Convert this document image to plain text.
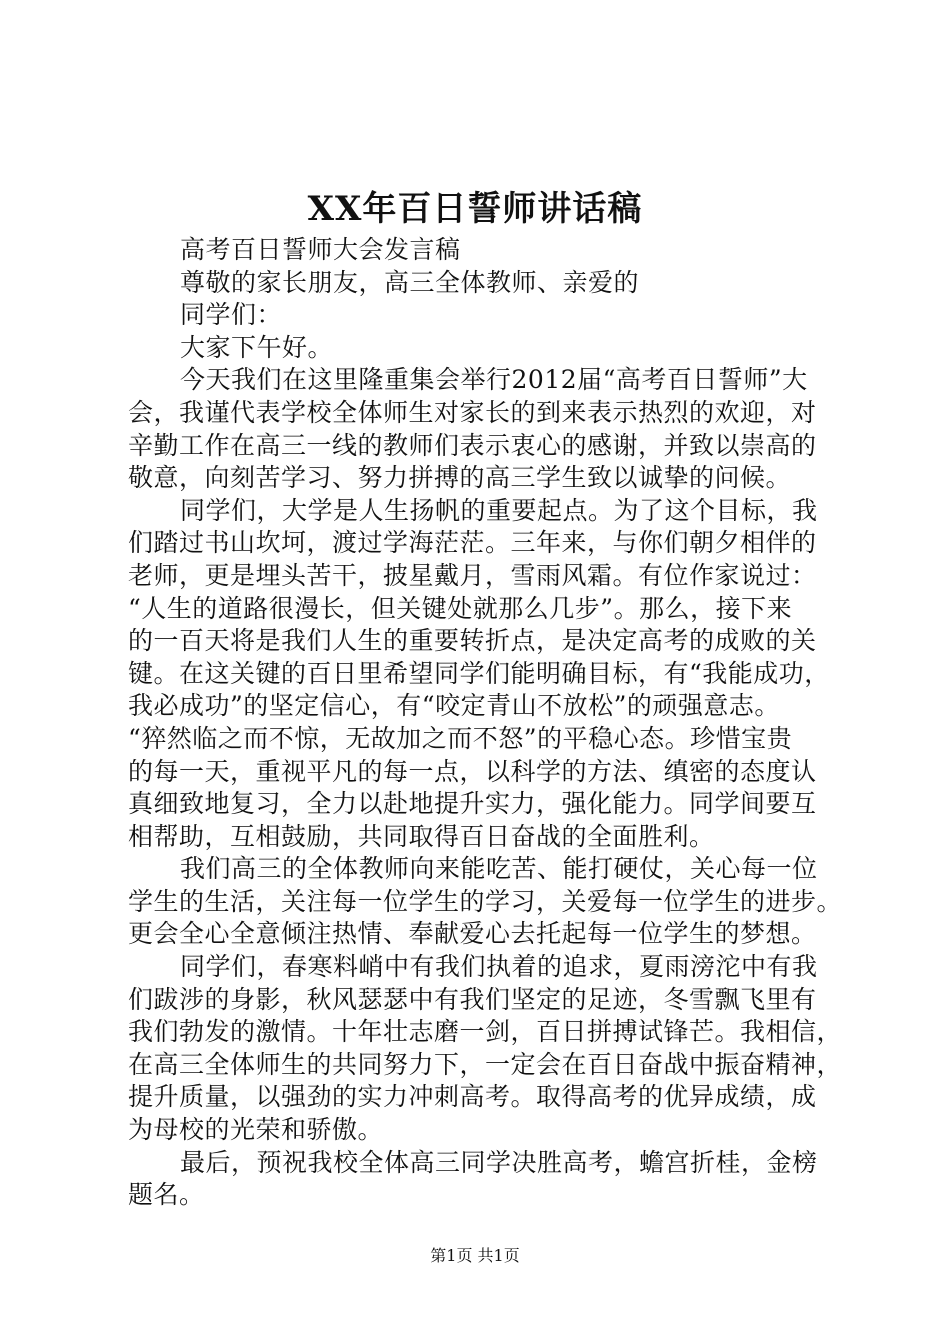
XX年百日誓师讲话稿
高考百日誓师大会发言稿
尊敬的家长朋友，高三全体教师、亲爱的
同学们：
大家下午好。
今天我们在这里隆重集会举行2012届“高考百日誓师”大
会，我谨代表学校全体师生对家长的到来表示热烈的欢迎，对
辛勤工作在高三一线的教师们表示衷心的感谢，并致以崇高的
敬意，向刻苦学习、努力拼搏的高三学生致以诚挚的问候。
同学们，大学是人生扬帆的重要起点。为了这个目标，我
们踏过书山坎坷，渡过学海茫茫。三年来，与你们朝夕相伴的
老师，更是埋头苦干，披星戴月，雪雨风霜。有位作家说过：
“人生的道路很漫长，但关键处就那么几步”。那么，接下来
的一百天将是我们人生的重要转折点，是决定高考的成败的关
键。在这关键的百日里希望同学们能明确目标，有“我能成功，
我必成功”的坚定信心，有“咬定青山不放松”的顽强意志。
“猝然临之而不惊，无故加之而不怒”的平稳心态。珍惜宝贵
的每一天，重视平凡的每一点，以科学的方法、缜密的态度认
真细致地复习，全力以赴地提升实力，强化能力。同学间要互
相帮助，互相鼓励，共同取得百日奋战的全面胜利。
我们高三的全体教师向来能吃苦、能打硬仗，关心每一位
学生的生活，关注每一位学生的学习，关爱每一位学生的进步。
更会全心全意倾注热情、奉献爱心去托起每一位学生的梦想。
同学们，春寒料峭中有我们执着的追求，夏雨滂沱中有我
们跋涉的身影，秋风瑟瑟中有我们坚定的足迹，冬雪飘飞里有
我们勃发的激情。十年壮志磨一剑，百日拼搏试锋芒。我相信，
在高三全体师生的共同努力下，一定会在百日奋战中振奋精神，
提升质量，以强劲的实力冲刺高考。取得高考的优异成绩，成
为母校的光荣和骄傲。
最后，预祝我校全体高三同学决胜高考，蟾宫折桂，金榜
题名。
第1页 共1页
